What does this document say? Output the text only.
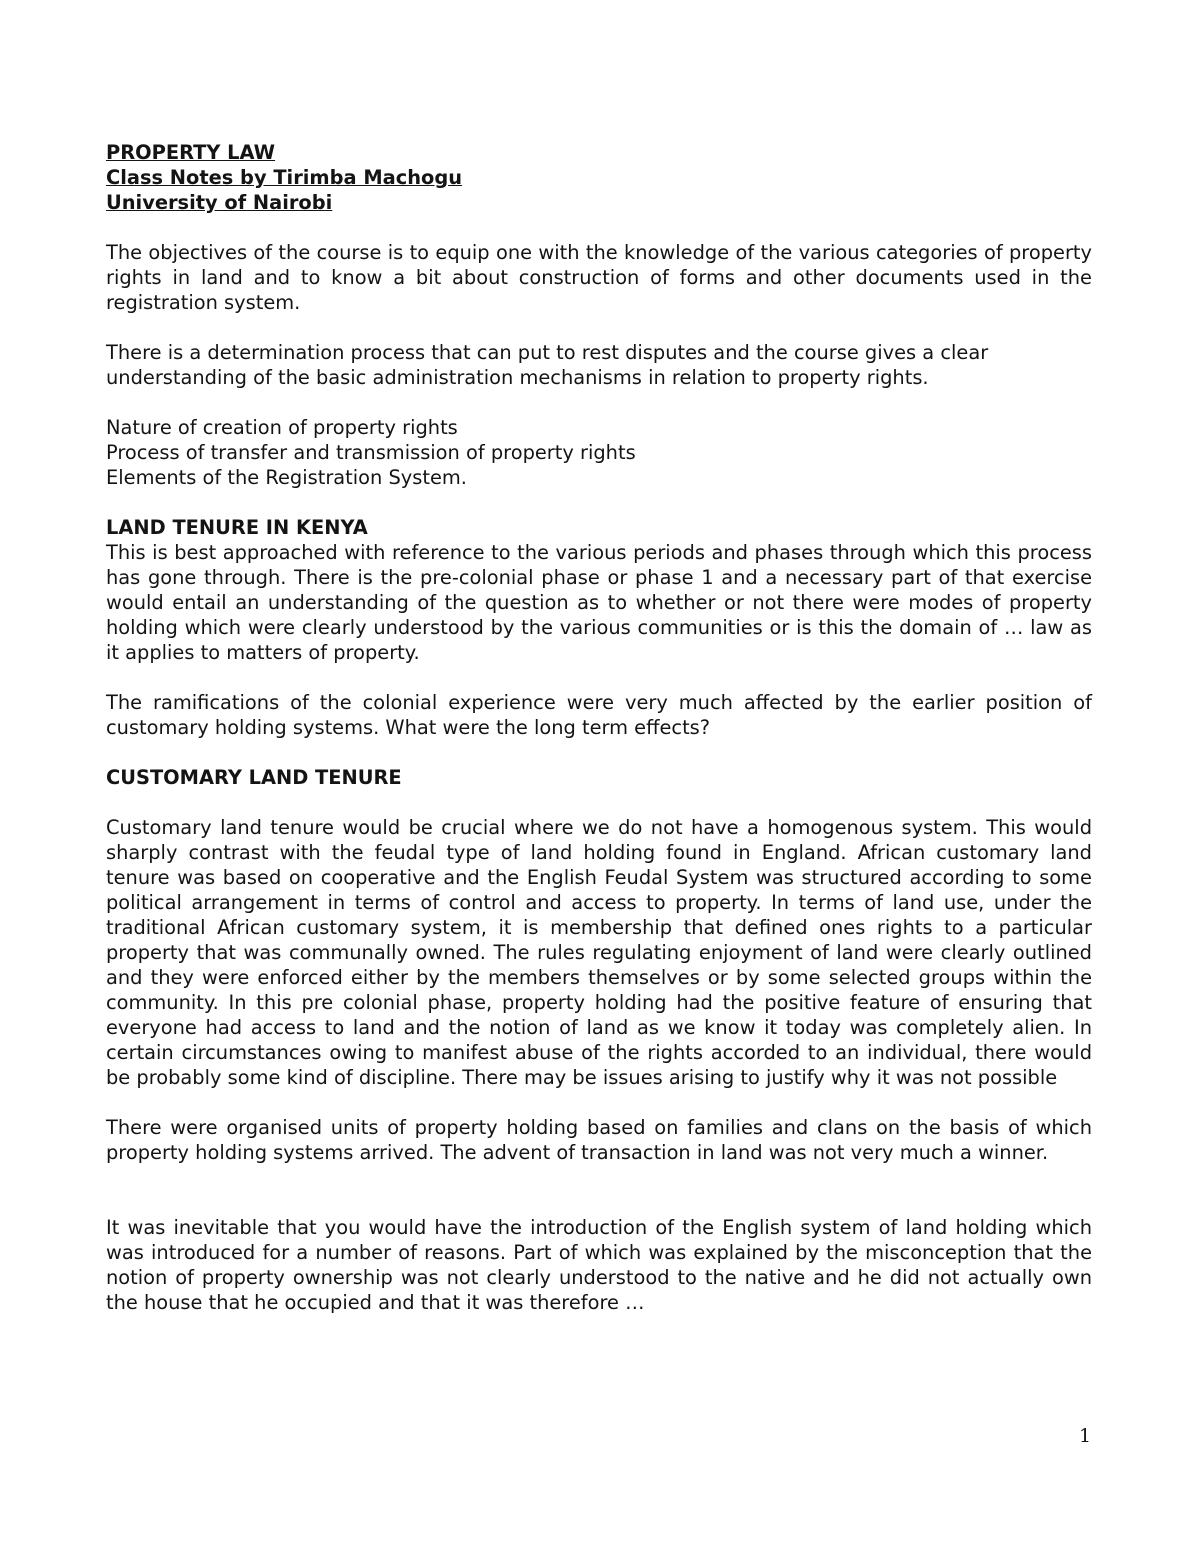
PROPERTY LAW

Class Notes by Tirimba Machogu

University of Nairobi

The objectives of the course is to equip one with the knowledge of the various categories of property rights in land and to know a bit about construction of forms and other documents used in the registration system.

There is a determination process that can put to rest disputes and the course gives a clear

understanding of the basic administration mechanisms in relation to property rights.

Nature of creation of property rights

Process of transfer and transmission of property rights

Elements of the Registration System.

LAND TENURE IN KENYA

This is best approached with reference to the various periods and phases through which this process has gone through. There is the pre-colonial phase or phase 1 and a necessary part of that exercise would entail an understanding of the question as to whether or not there were modes of property holding which were clearly understood by the various communities or is this the domain of … law as it applies to matters of property.

The ramifications of the colonial experience were very much affected by the earlier position of customary holding systems. What were the long term effects?

CUSTOMARY LAND TENURE

Customary land tenure would be crucial where we do not have a homogenous system. This would sharply contrast with the feudal type of land holding found in England. African customary land tenure was based on cooperative and the English Feudal System was structured according to some political arrangement in terms of control and access to property. In terms of land use, under the traditional African customary system, it is membership that defined ones rights to a particular property that was communally owned. The rules regulating enjoyment of land were clearly outlined and they were enforced either by the members themselves or by some selected groups within the community. In this pre colonial phase, property holding had the positive feature of ensuring that everyone had access to land and the notion of land as we know it today was completely alien. In certain circumstances owing to manifest abuse of the rights accorded to an individual, there would be probably some kind of discipline. There may be issues arising to justify why it was not possible

There were organised units of property holding based on families and clans on the basis of which property holding systems arrived. The advent of transaction in land was not very much a winner.

It was inevitable that you would have the introduction of the English system of land holding which was introduced for a number of reasons. Part of which was explained by the misconception that the notion of property ownership was not clearly understood to the native and he did not actually own the house that he occupied and that it was therefore …

1
